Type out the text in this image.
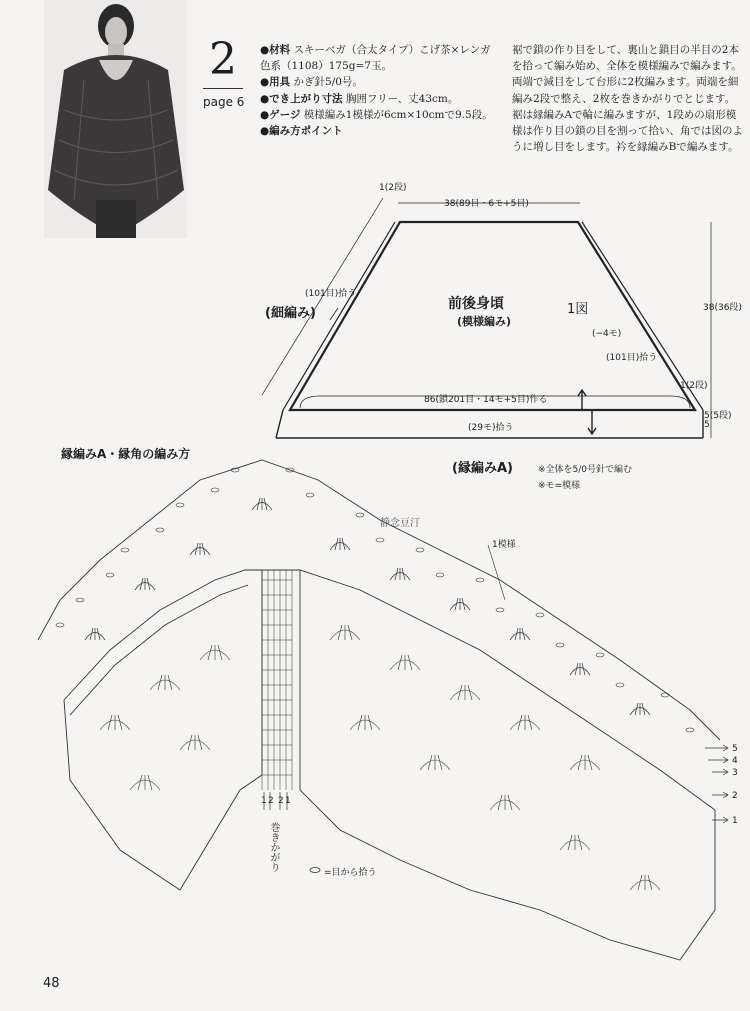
2
page 6
●材料 スキーベガ（合太タイプ）こげ茶×レンガ色系（1108）175g=7玉。
●用具 かぎ針5/0号。
●でき上がり寸法 胸囲フリー、丈43cm。
●ゲージ 模様編み1模様が6cm×10cmで9.5段。
●編み方ポイント
裾で鎖の作り目をして、裏山と鎖目の半目の2本を拾って編み始め、全体を模様編みで編みます。両端で減目をして台形に2枚編みます。両端を細編み2段で整え、2枚を巻きかがりでとじます。裾は縁編みAで輪に編みますが、1段めの扇形模様は作り目の鎖の目を割って拾い、角では図のように増し目をします。衿を縁編みBで編みます。
1(2段)
38(89目・6モ+5目)
(101目)拾う
(細編み)
前後身頃
(模様編み)
1図
(−4モ)
(101目)拾う
38(36段)
1(2段)
86(鎖201目・14モ+5目)作る
(29モ)拾う
5(5段)
5
(縁編みA)	※全体を5/0号針で編む
※モ=模様
縁編みA・縁角の編み方
静念豆汀
1模様
1 2 2 1
巻きかがり
=目から拾う
5
4
3
2
1
48
